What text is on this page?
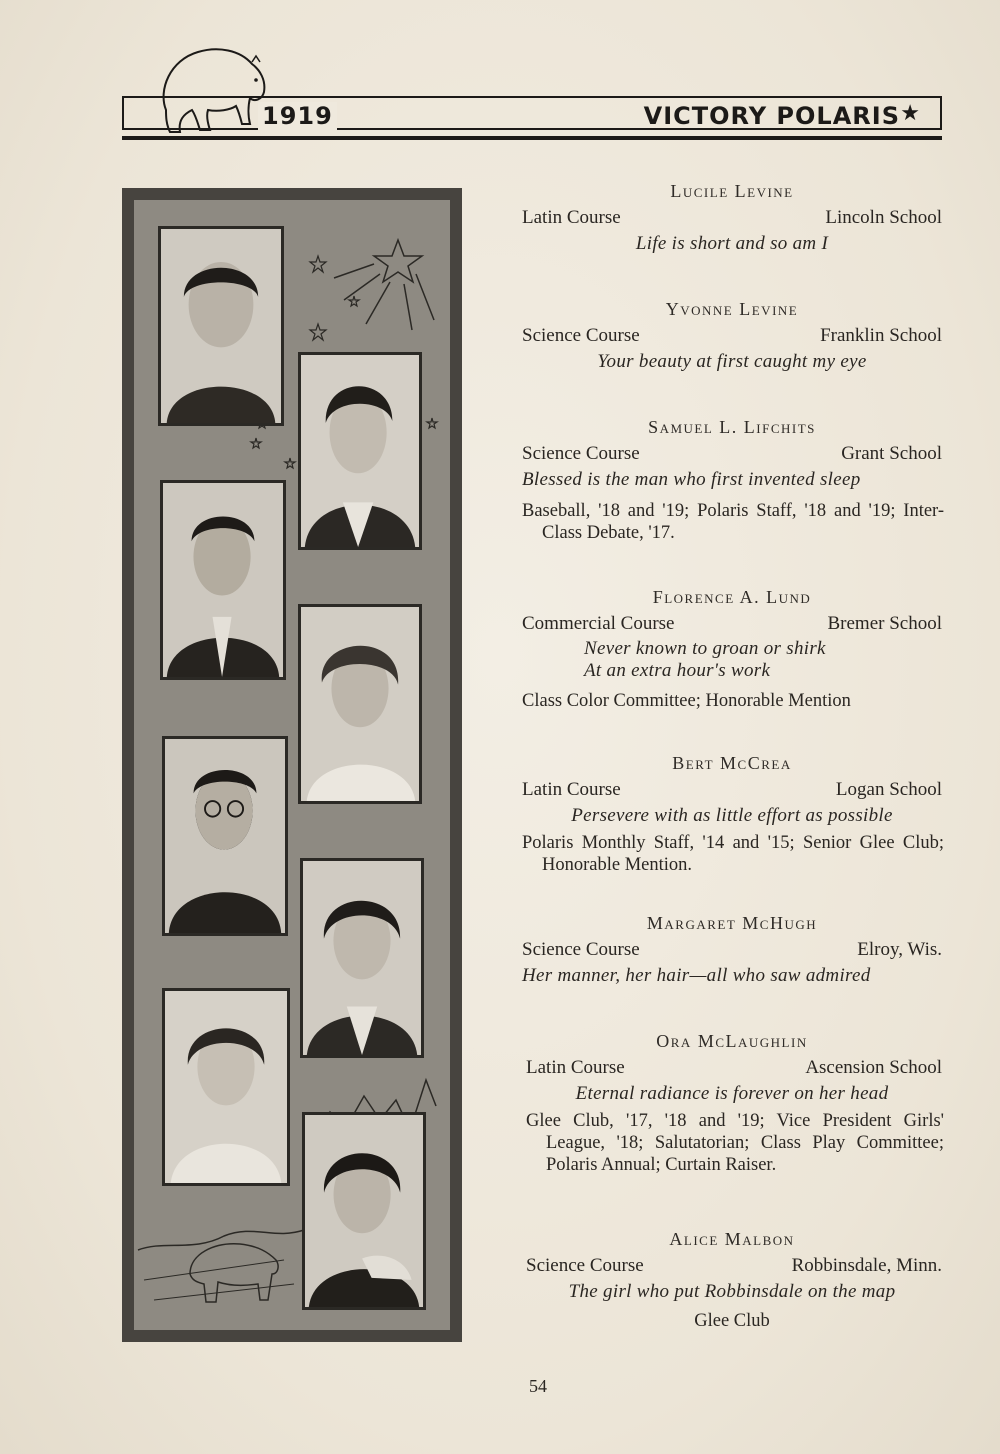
1919	VICTORY POLARIS ★
Lucile Levine
Latin Course	Lincoln School
Life is short and so am I
Yvonne Levine
Science Course	Franklin School
Your beauty at first caught my eye
Samuel L. Lifchits
Science Course	Grant School
Blessed is the man who first invented sleep
Baseball, '18 and '19; Polaris Staff, '18 and '19; Inter-Class Debate, '17.
Florence A. Lund
Commercial Course	Bremer School
Never known to groan or shirk
At an extra hour's work
Class Color Committee; Honorable Mention
Bert McCrea
Latin Course	Logan School
Persevere with as little effort as possible
Polaris Monthly Staff, '14 and '15; Senior Glee Club; Honorable Mention.
Margaret McHugh
Science Course	Elroy, Wis.
Her manner, her hair—all who saw admired
Ora McLaughlin
Latin Course	Ascension School
Eternal radiance is forever on her head
Glee Club, '17, '18 and '19; Vice President Girls' League, '18; Salutatorian; Class Play Committee; Polaris Annual; Curtain Raiser.
Alice Malbon
Science Course	Robbinsdale, Minn.
The girl who put Robbinsdale on the map
Glee Club
54
